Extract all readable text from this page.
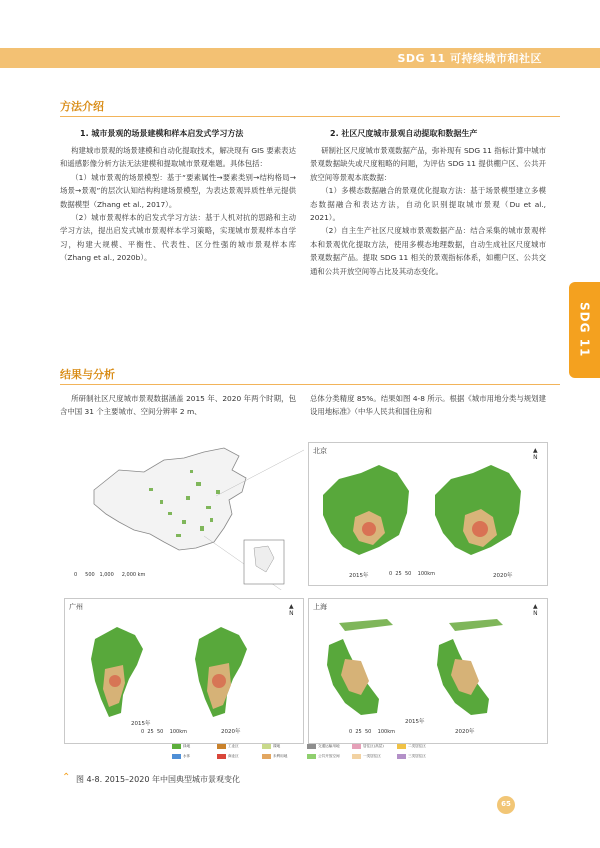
SDG 11 可持续城市和社区
SDG 11
方法介绍
1. 城市景观的场景建模和样本启发式学习方法

构建城市景观的场景建模和自动化提取技术，解决现有 GIS 要素表达和遥感影像分析方法无法建模和提取城市景观难题。具体包括：

（1）城市景观的场景模型：基于“要素属性→要素类别→结构格局→场景→景观”的层次认知结构构建场景模型，为表达景观异质性单元提供数据模型（Zhang et al., 2017）。

（2）城市景观样本的启发式学习方法：基于人机对抗的思路和主动学习方法，提出启发式城市景观样本学习策略，实现城市景观样本自学习，构建大规模、平衡性、代表性、区分性强的城市景观样本库（Zhang et al., 2020b）。

2. 社区尺度城市景观自动提取和数据生产

研制社区尺度城市景观数据产品，弥补现有 SDG 11 指标计算中城市景观数据缺失或尺度粗略的问题，为评估 SDG 11 提供棚户区、公共开放空间等景观本底数据：

（1）多模态数据融合的景观优化提取方法：基于场景模型建立多模态数据融合和表达方法，自动化识别提取城市景观（Du et al., 2021）。

（2）自主生产社区尺度城市景观数据产品：结合采集的城市景观样本和景观优化提取方法，使用多模态地理数据，自动生成社区尺度城市景观数据产品。提取 SDG 11 相关的景观指标体系，如棚户区、公共交通和公共开放空间等占比及其动态变化。

结果与分析

所研制社区尺度城市景观数据涵盖 2015 年、2020 年两个时期，包含中国 31 个主要城市、空间分辨率 2 m、

总体分类精度 85%。结果如图 4-8 所示。根据《城市用地分类与规划建设用地标准》（中华人民共和国住房和

0 500 1,000 2,000 km
北京
2015年	2020年
0 25 50 100km
▲
N
广州
2015年
2020年
0 25 50 100km
▲
N
上海
2015年
2020年
0 25 50 100km
▲
N
绿地
水体
工业区
商业区
裸地
未利用地
交通运输用地
公共开放空间
居住区(高层)
一类居住区
二类居住区
三类居住区
⌃ 图 4-8. 2015–2020 年中国典型城市景观变化
65
